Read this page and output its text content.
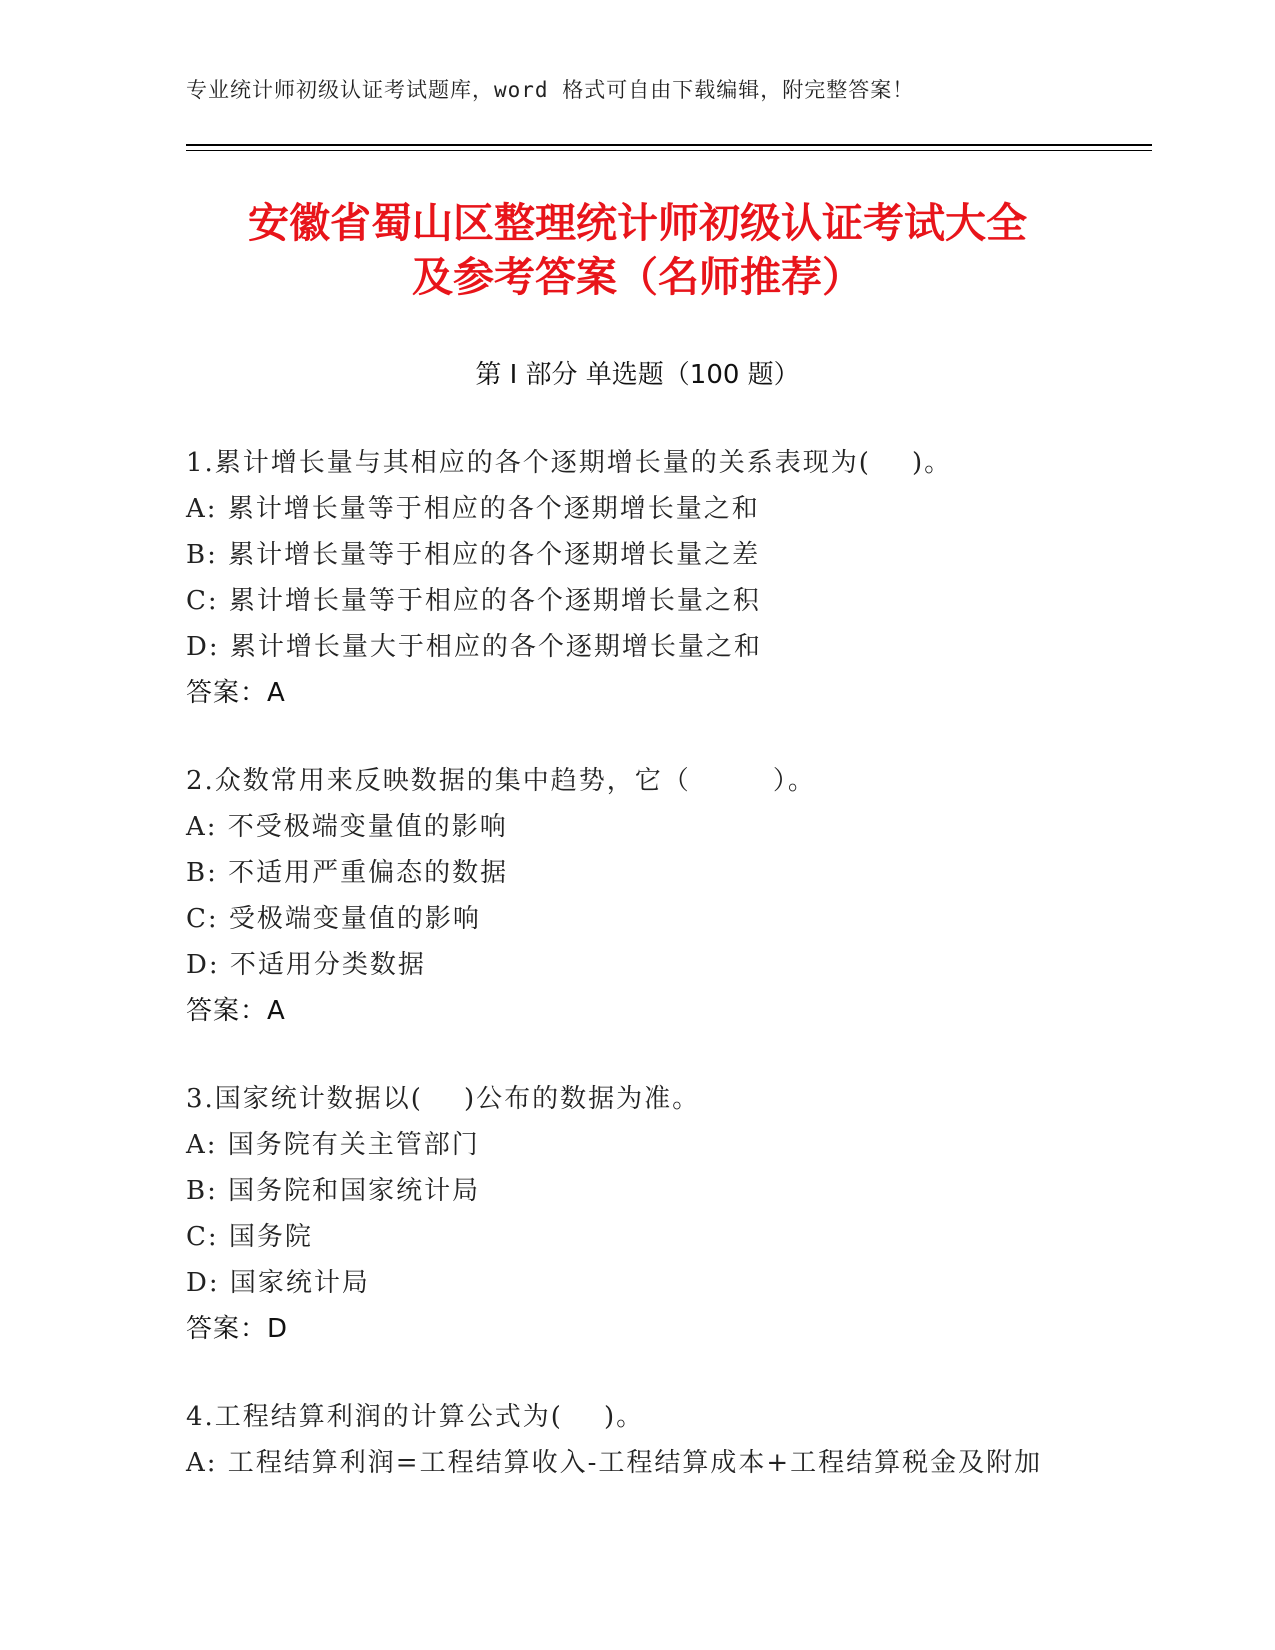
专业统计师初级认证考试题库，word 格式可自由下载编辑，附完整答案！
安徽省蜀山区整理统计师初级认证考试大全
及参考答案（名师推荐）
第 I 部分 单选题（100 题）
1.累计增长量与其相应的各个逐期增长量的关系表现为(    )。
A: 累计增长量等于相应的各个逐期增长量之和
B: 累计增长量等于相应的各个逐期增长量之差
C: 累计增长量等于相应的各个逐期增长量之积
D: 累计增长量大于相应的各个逐期增长量之和
答案：A
2.众数常用来反映数据的集中趋势，它（        ）。
A: 不受极端变量值的影响
B: 不适用严重偏态的数据
C: 受极端变量值的影响
D: 不适用分类数据
答案：A
3.国家统计数据以(    )公布的数据为准。
A: 国务院有关主管部门
B: 国务院和国家统计局
C: 国务院
D: 国家统计局
答案：D
4.工程结算利润的计算公式为(    )。
A: 工程结算利润=工程结算收入-工程结算成本+工程结算税金及附加
